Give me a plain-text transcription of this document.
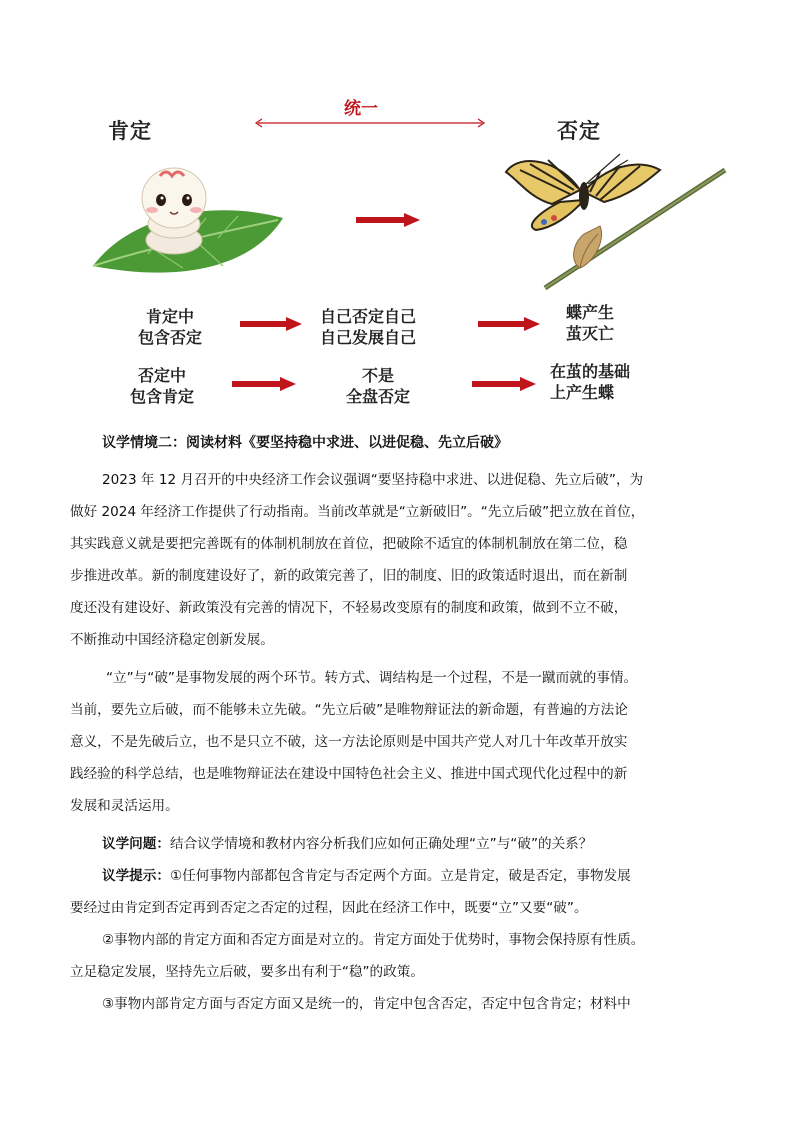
肯定
统一
否定
肯定中
包含否定
自己否定自己
自己发展自己
蝶产生
茧灭亡
否定中
包含肯定
不是
全盘否定
在茧的基础
上产生蝶
议学情境二：阅读材料《要坚持稳中求进、以进促稳、先立后破》
2023 年 12 月召开的中央经济工作会议强调“要坚持稳中求进、以进促稳、先立后破”，为
做好 2024 年经济工作提供了行动指南。当前改革就是“立新破旧”。“先立后破”把立放在首位，
其实践意义就是要把完善既有的体制机制放在首位，把破除不适宜的体制机制放在第二位，稳
步推进改革。新的制度建设好了，新的政策完善了，旧的制度、旧的政策适时退出，而在新制
度还没有建设好、新政策没有完善的情况下，不轻易改变原有的制度和政策，做到不立不破，
不断推动中国经济稳定创新发展。
“立”与“破”是事物发展的两个环节。转方式、调结构是一个过程，不是一蹴而就的事情。
当前，要先立后破，而不能够未立先破。“先立后破”是唯物辩证法的新命题，有普遍的方法论
意义，不是先破后立，也不是只立不破，这一方法论原则是中国共产党人对几十年改革开放实
践经验的科学总结，也是唯物辩证法在建设中国特色社会主义、推进中国式现代化过程中的新
发展和灵活运用。
议学问题：结合议学情境和教材内容分析我们应如何正确处理“立”与“破”的关系？
议学提示：①任何事物内部都包含肯定与否定两个方面。立是肯定，破是否定，事物发展
要经过由肯定到否定再到否定之否定的过程，因此在经济工作中，既要“立”又要“破”。
②事物内部的肯定方面和否定方面是对立的。肯定方面处于优势时，事物会保持原有性质。
立足稳定发展，坚持先立后破，要多出有利于“稳”的政策。
③事物内部肯定方面与否定方面又是统一的，肯定中包含否定，否定中包含肯定；材料中
